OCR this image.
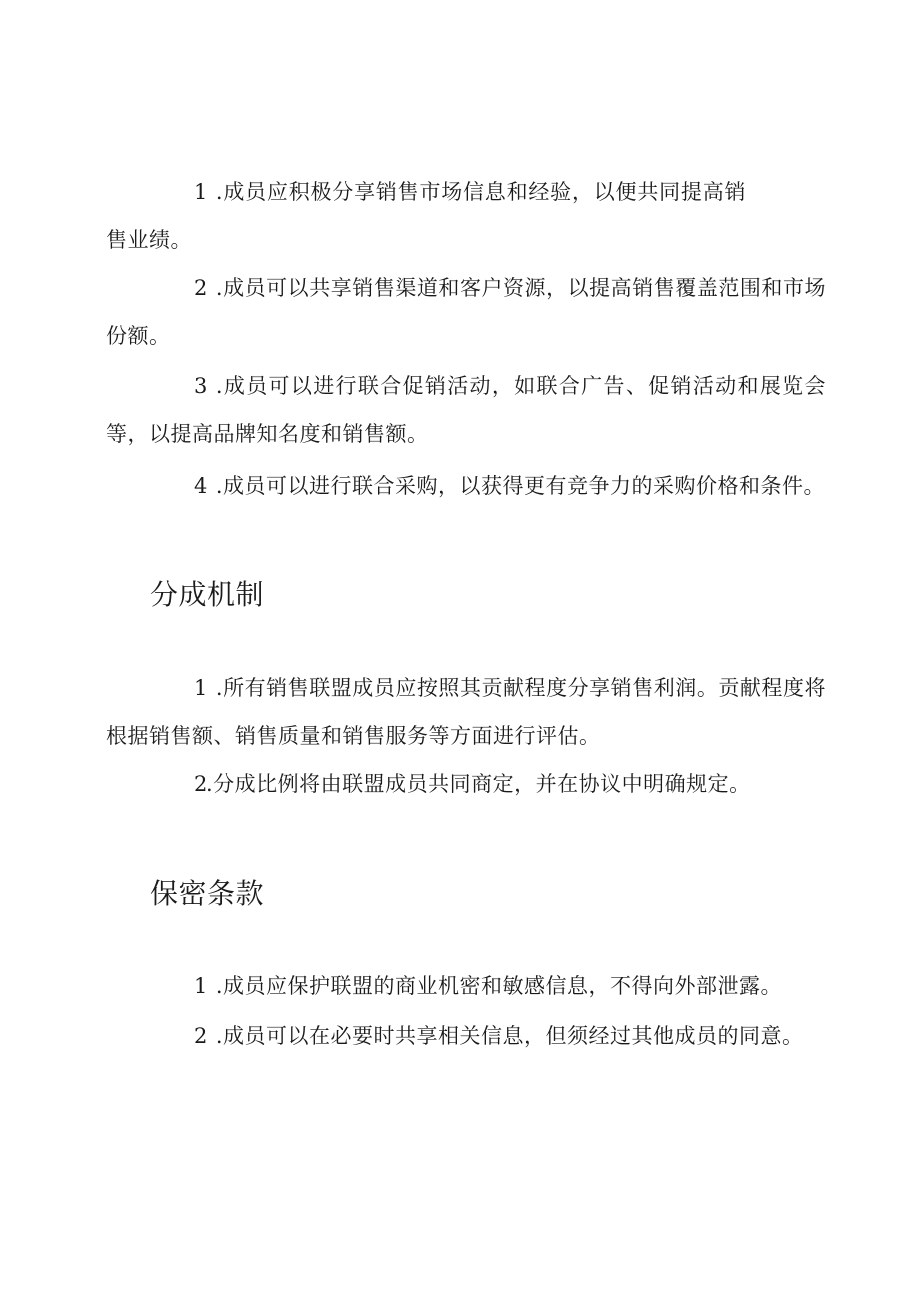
1 .成员应积极分享销售市场信息和经验，以便共同提高销售业绩。

2 .成员可以共享销售渠道和客户资源，以提高销售覆盖范围和市场份额。

3 .成员可以进行联合促销活动，如联合广告、促销活动和展览会等，以提高品牌知名度和销售额。

4 .成员可以进行联合采购，以获得更有竞争力的采购价格和条件。

分成机制

1 .所有销售联盟成员应按照其贡献程度分享销售利润。贡献程度将根据销售额、销售质量和销售服务等方面进行评估。

2.分成比例将由联盟成员共同商定，并在协议中明确规定。

保密条款

1 .成员应保护联盟的商业机密和敏感信息，不得向外部泄露。

2 .成员可以在必要时共享相关信息，但须经过其他成员的同意。
